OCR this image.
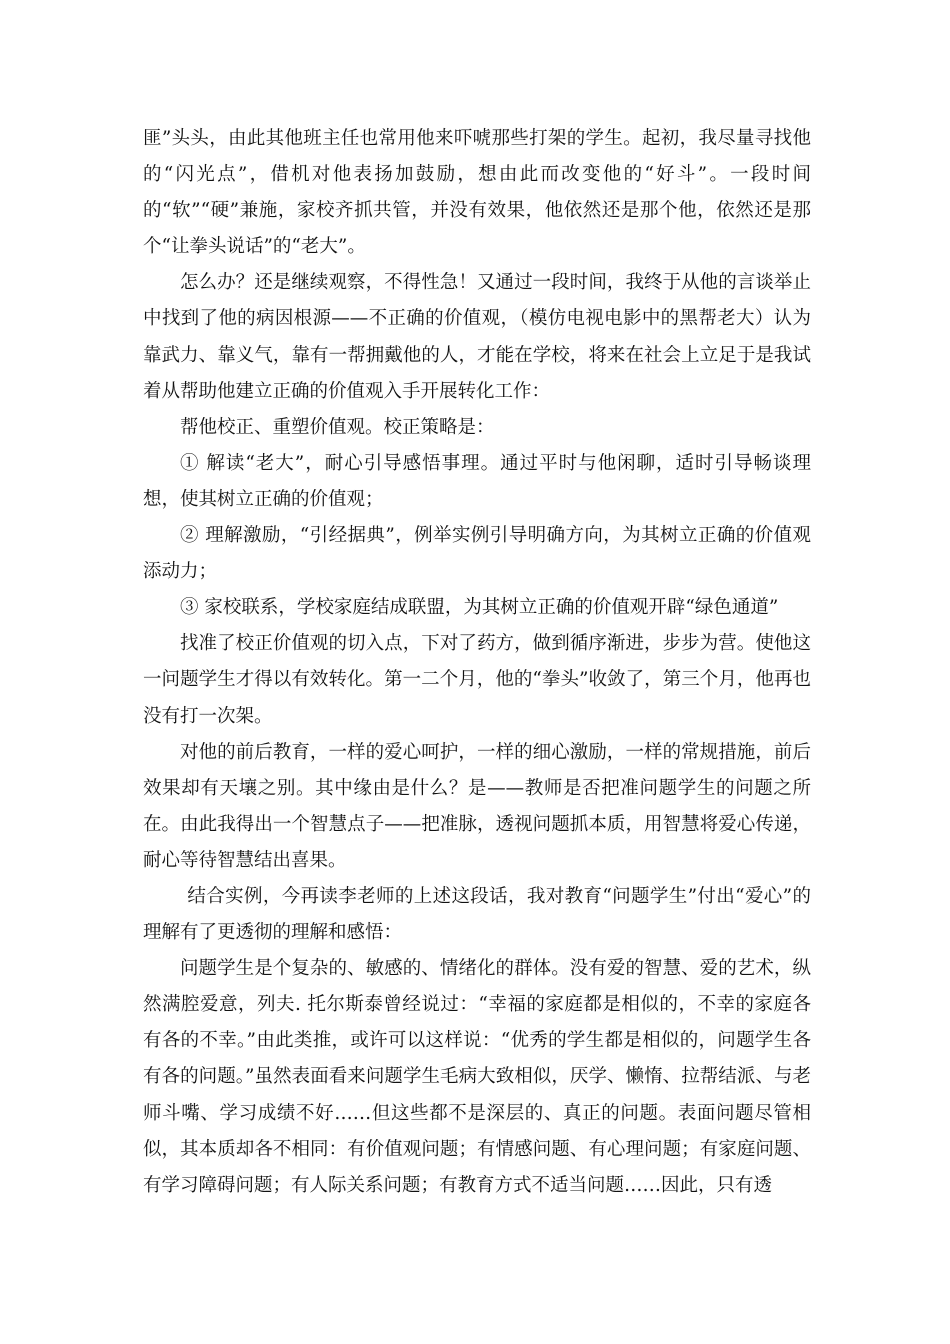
匪”头头，由此其他班主任也常用他来吓唬那些打架的学生。起初，我尽量寻找他的“闪光点”，借机对他表扬加鼓励，想由此而改变他的“好斗”。一段时间的“软”“硬”兼施，家校齐抓共管，并没有效果，他依然还是那个他，依然还是那个“让拳头说话”的“老大”。

怎么办？还是继续观察，不得性急！又通过一段时间，我终于从他的言谈举止中找到了他的病因根源——不正确的价值观，（模仿电视电影中的黑帮老大）认为靠武力、靠义气，靠有一帮拥戴他的人，才能在学校，将来在社会上立足于是我试着从帮助他建立正确的价值观入手开展转化工作：

帮他校正、重塑价值观。校正策略是：

① 解读“老大”，耐心引导感悟事理。通过平时与他闲聊，适时引导畅谈理想，使其树立正确的价值观；

② 理解激励，“引经据典”，例举实例引导明确方向，为其树立正确的价值观添动力；

③ 家校联系，学校家庭结成联盟，为其树立正确的价值观开辟“绿色通道”

找准了校正价值观的切入点，下对了药方，做到循序渐进，步步为营。使他这一问题学生才得以有效转化。第一二个月，他的“拳头”收敛了，第三个月，他再也没有打一次架。

对他的前后教育，一样的爱心呵护，一样的细心激励，一样的常规措施，前后效果却有天壤之别。其中缘由是什么？是——教师是否把准问题学生的问题之所在。由此我得出一个智慧点子——把准脉，透视问题抓本质，用智慧将爱心传递，耐心等待智慧结出喜果。

结合实例，今再读李老师的上述这段话，我对教育“问题学生”付出“爱心”的理解有了更透彻的理解和感悟：

问题学生是个复杂的、敏感的、情绪化的群体。没有爱的智慧、爱的艺术，纵然满腔爱意，列夫. 托尔斯泰曾经说过：“幸福的家庭都是相似的，不幸的家庭各有各的不幸。”由此类推，或许可以这样说：“优秀的学生都是相似的，问题学生各有各的问题。”虽然表面看来问题学生毛病大致相似，厌学、懒惰、拉帮结派、与老师斗嘴、学习成绩不好……但这些都不是深层的、真正的问题。表面问题尽管相似，其本质却各不相同：有价值观问题；有情感问题、有心理问题；有家庭问题、有学习障碍问题；有人际关系问题；有教育方式不适当问题……因此，只有透
